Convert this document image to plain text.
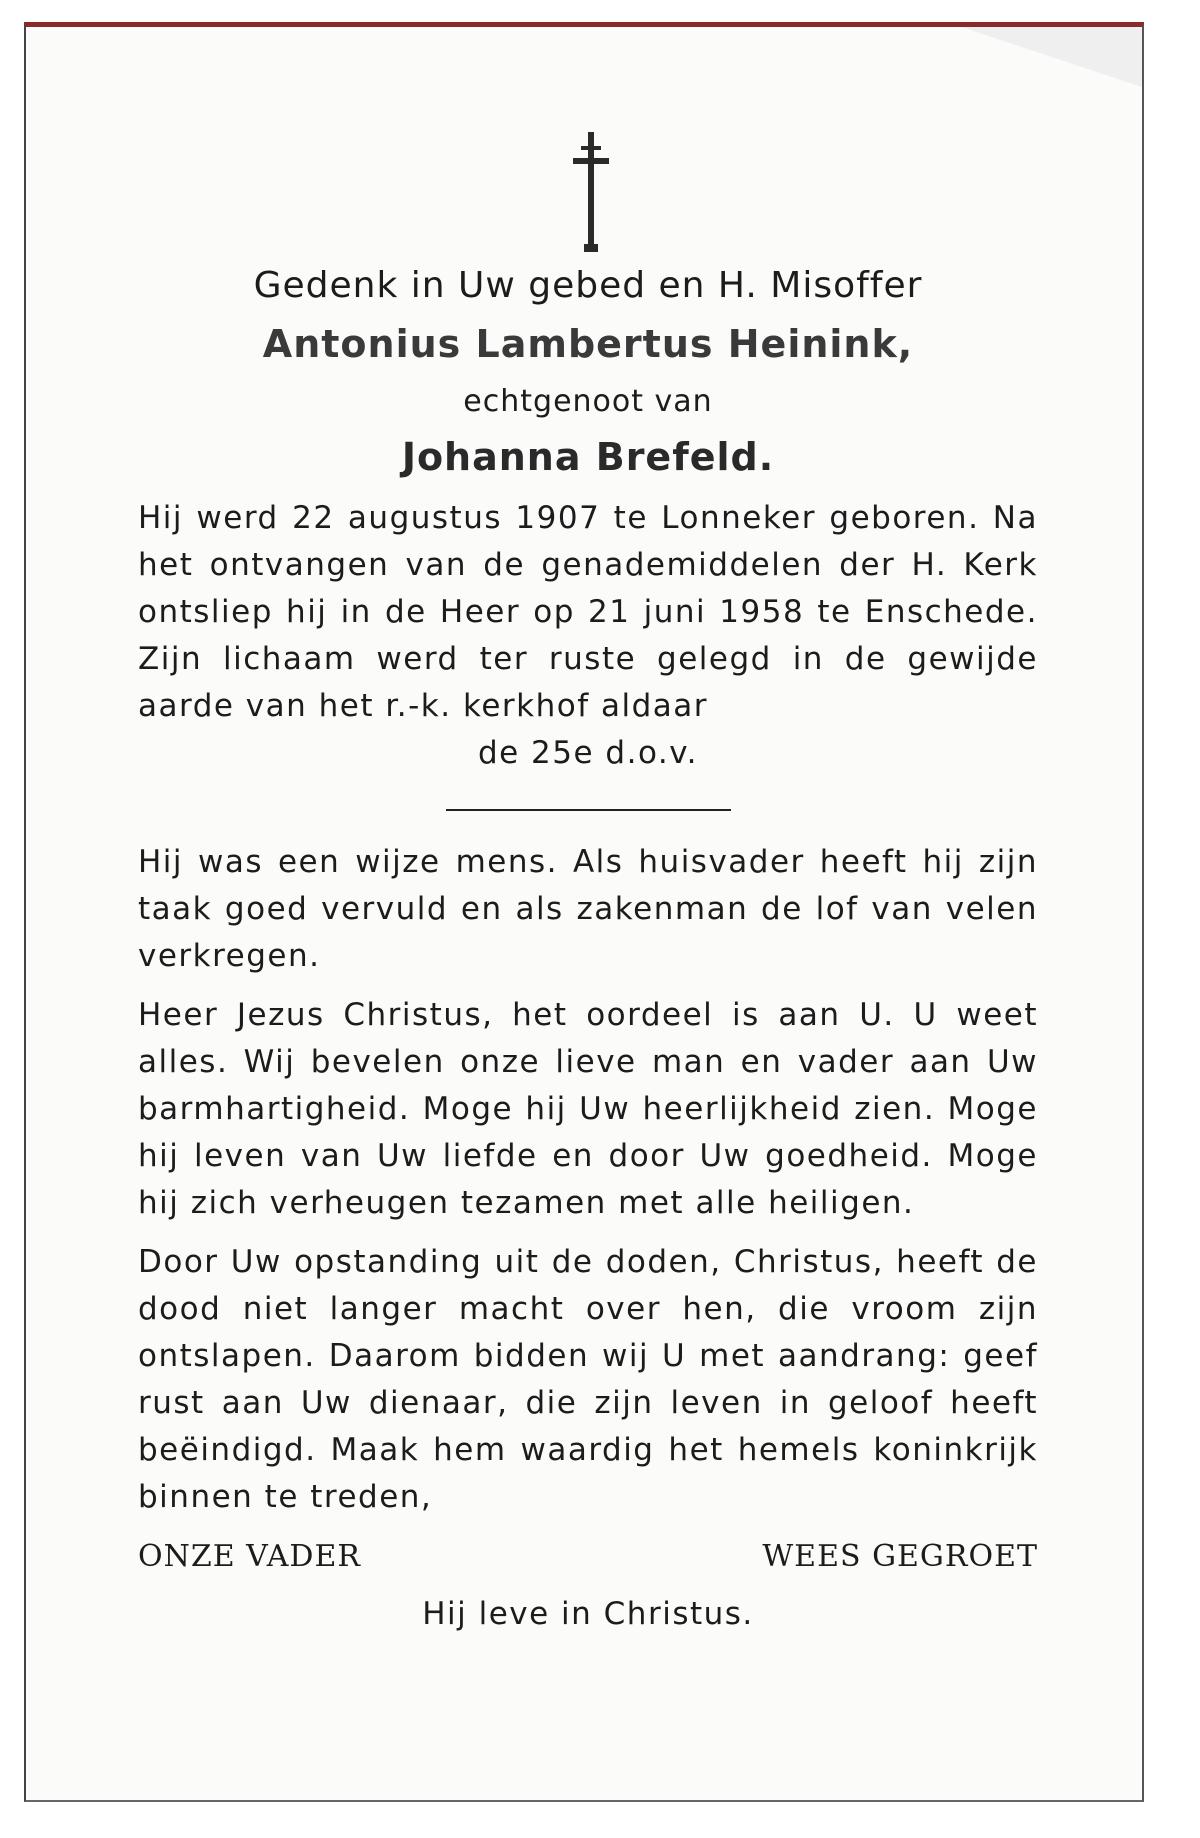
Gedenk in Uw gebed en H. Misoffer

Antonius Lambertus Heinink,

echtgenoot van

Johanna Brefeld.

Hij werd 22 augustus 1907 te Lonneker geboren. Na het ontvangen van de genademiddelen der H. Kerk ontsliep hij in de Heer op 21 juni 1958 te Enschede. Zijn lichaam werd ter ruste gelegd in de gewijde aarde van het r.-k. kerkhof aldaar

de 25e d.o.v.

Hij was een wijze mens. Als huisvader heeft hij zijn taak goed vervuld en als zakenman de lof van velen verkregen.

Heer Jezus Christus, het oordeel is aan U. U weet alles. Wij bevelen onze lieve man en vader aan Uw barmhartigheid. Moge hij Uw heerlijkheid zien. Moge hij leven van Uw liefde en door Uw goedheid. Moge hij zich verheugen tezamen met alle heiligen.

Door Uw opstanding uit de doden, Christus, heeft de dood niet langer macht over hen, die vroom zijn ontslapen. Daarom bidden wij U met aandrang: geef rust aan Uw dienaar, die zijn leven in geloof heeft beëindigd. Maak hem waardig het hemels koninkrijk binnen te treden,

ONZE VADER	WEES GEGROET

Hij leve in Christus.
